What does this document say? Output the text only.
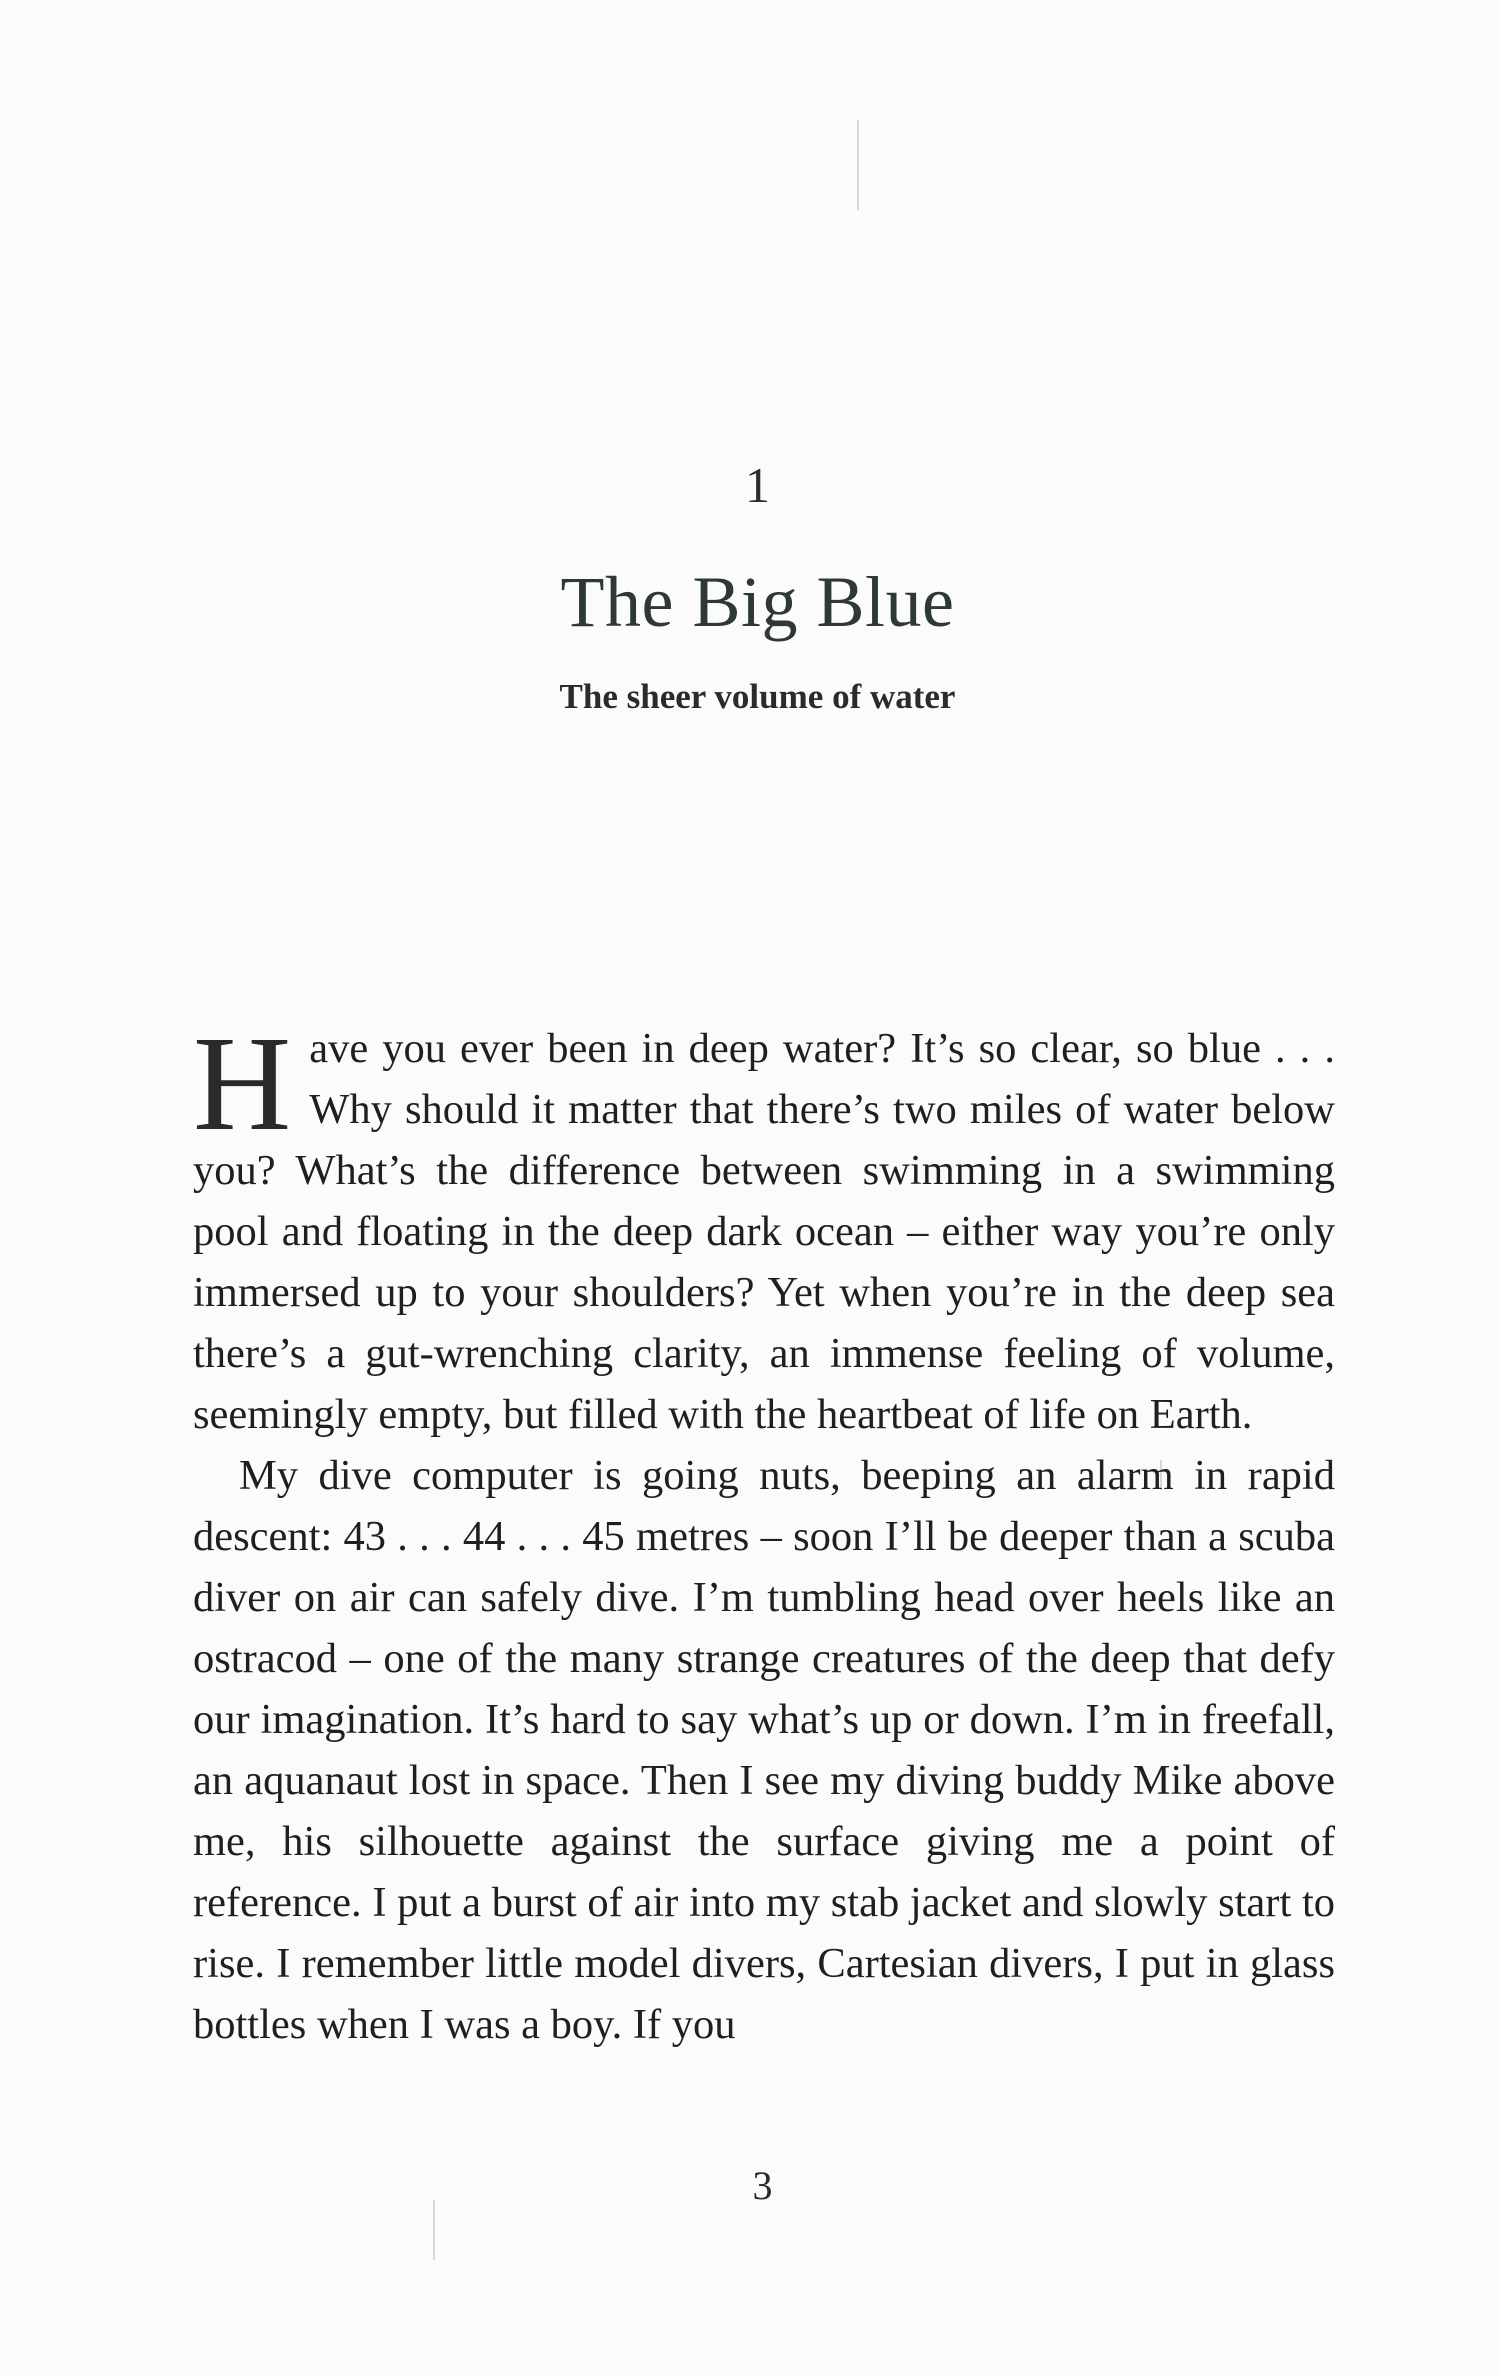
1
The Big Blue
The sheer volume of water

Have you ever been in deep water? It’s so clear, so blue . . . Why should it matter that there’s two miles of water below you? What’s the difference between swimming in a swimming pool and floating in the deep dark ocean – either way you’re only immersed up to your shoulders? Yet when you’re in the deep sea there’s a gut-wrenching clarity, an immense feeling of volume, seemingly empty, but filled with the heartbeat of life on Earth.

My dive computer is going nuts, beeping an alarm in rapid descent: 43 . . . 44 . . . 45 metres – soon I’ll be deeper than a scuba diver on air can safely dive. I’m tumbling head over heels like an ostracod – one of the many strange creatures of the deep that defy our imagination. It’s hard to say what’s up or down. I’m in freefall, an aquanaut lost in space. Then I see my diving buddy Mike above me, his silhouette against the surface giving me a point of reference. I put a burst of air into my stab jacket and slowly start to rise. I remember little model divers, Cartesian divers, I put in glass bottles when I was a boy. If you

3
